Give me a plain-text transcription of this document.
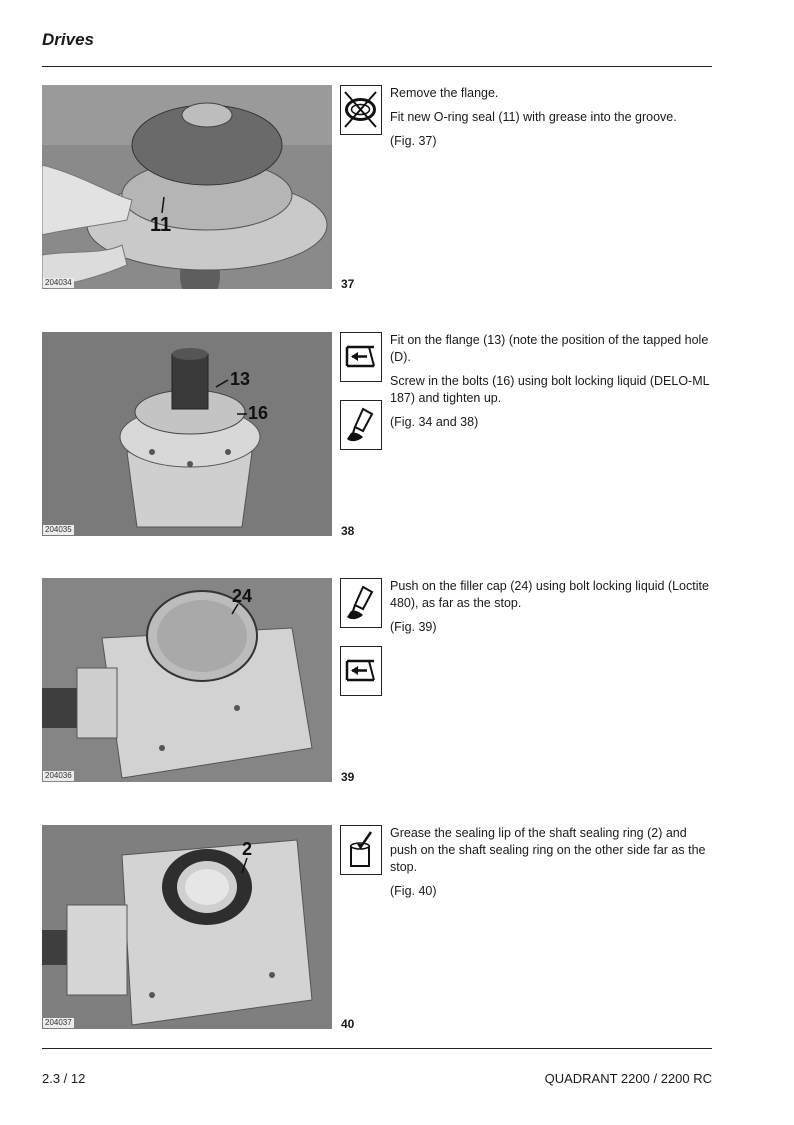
Drives
11
204034	37

Remove the flange.

Fit new O-ring seal (11) with grease into the groove.

(Fig. 37)

13
16
204035	38

Fit on the flange (13) (note the position of the tapped hole (D).

Screw in the bolts (16) using bolt locking liquid (DELO-ML 187) and tighten up.

(Fig. 34 and 38)

24
204036	39

Push on the filler cap (24) using bolt locking liquid (Loctite 480), as far as the stop.

(Fig. 39)

2
204037	40

Grease the sealing lip of the shaft sealing ring (2) and push on the shaft sealing ring on the other side far as the stop.

(Fig. 40)

2.3 / 12	QUADRANT 2200 / 2200 RC
